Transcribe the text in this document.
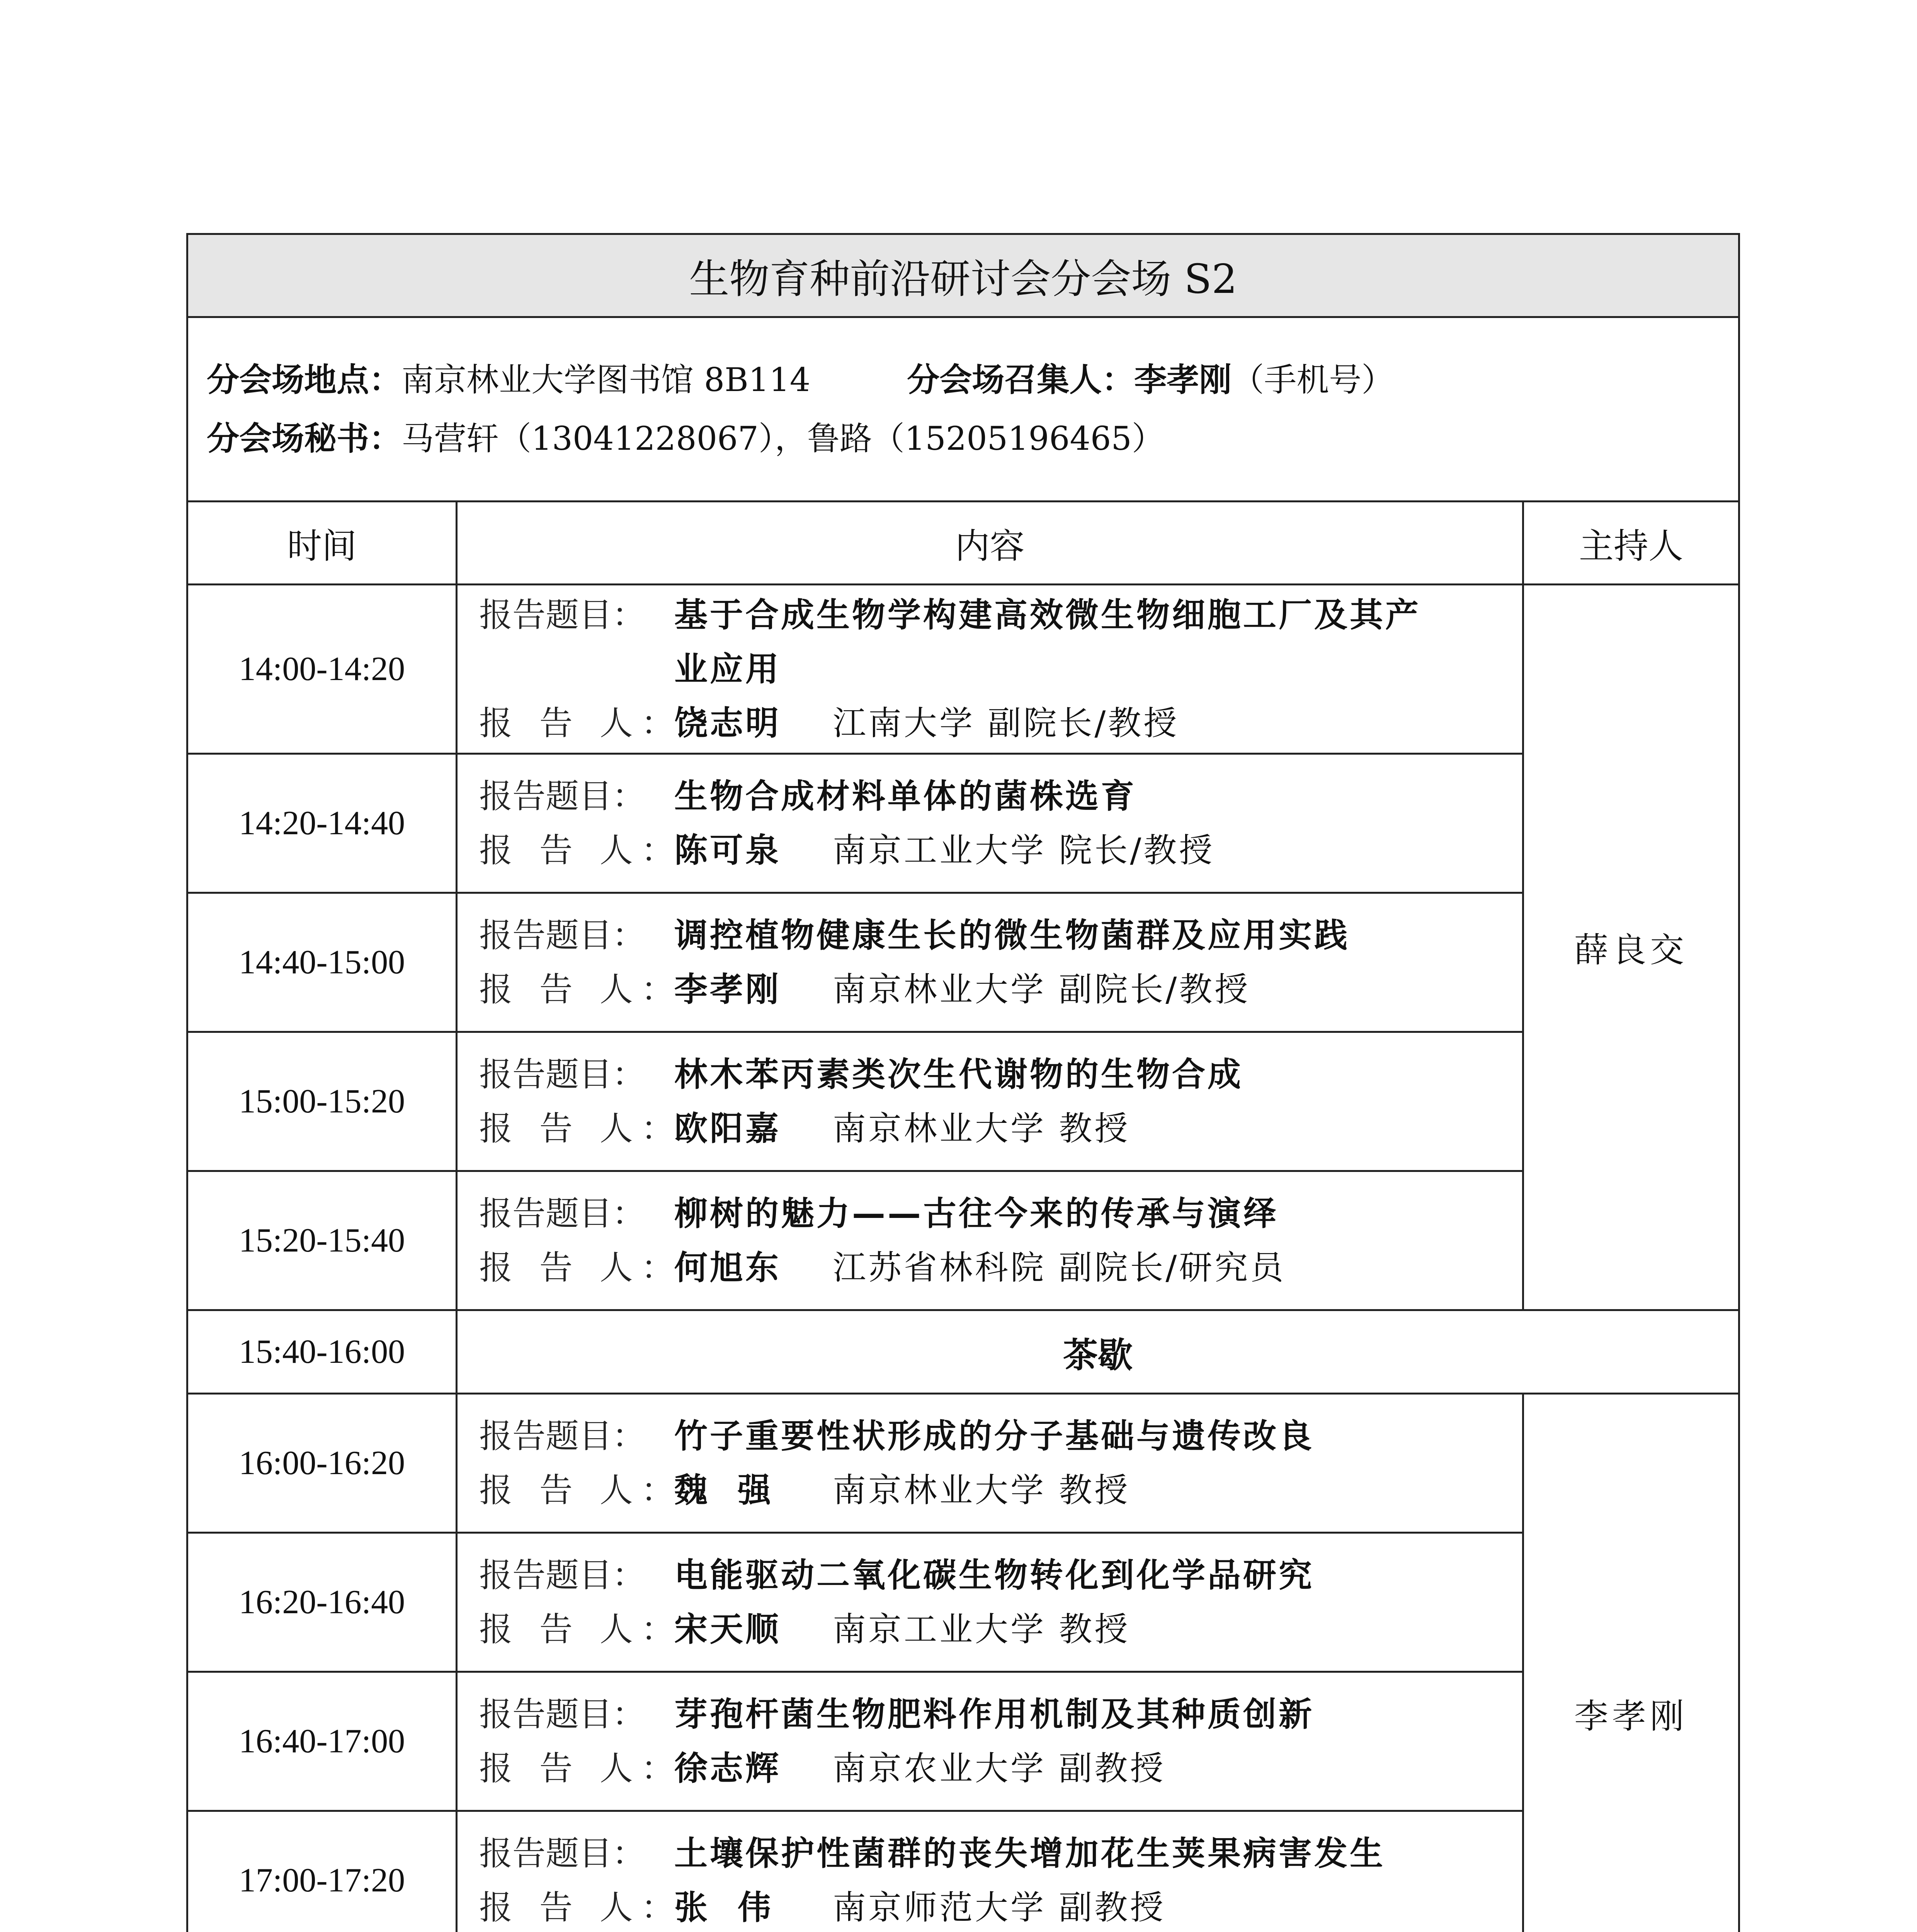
生物育种前沿研讨会分会场 S2		

分会场地点：南京林业大学图书馆 8B114 分会场召集人：李孝刚（手机号）
分会场秘书：马营轩（13041228067），鲁路（15205196465）		

时间	内容	主持人
14:00-14:20	报告题目： 基于合成生物学构建高效微生物细胞工厂及其产
业应用
报 告 人：饶志明 江南大学 副院长/教授	薛良交
14:20-14:40	报告题目： 生物合成材料单体的菌株选育
报 告 人：陈可泉 南京工业大学 院长/教授	

14:40-15:00	报告题目： 调控植物健康生长的微生物菌群及应用实践
报 告 人：李孝刚 南京林业大学 副院长/教授	

15:00-15:20	报告题目： 林木苯丙素类次生代谢物的生物合成
报 告 人：欧阳嘉 南京林业大学 教授	

15:20-15:40	报告题目： 柳树的魅力——古往今来的传承与演绎
报 告 人：何旭东 江苏省林科院 副院长/研究员	

15:40-16:00	茶歇	
16:00-16:20	报告题目： 竹子重要性状形成的分子基础与遗传改良
报 告 人：魏  强 南京林业大学 教授	李孝刚
16:20-16:40	报告题目： 电能驱动二氧化碳生物转化到化学品研究
报 告 人：宋天顺 南京工业大学 教授	

16:40-17:00	报告题目： 芽孢杆菌生物肥料作用机制及其种质创新
报 告 人：徐志辉 南京农业大学 副教授	

17:00-17:20	报告题目： 土壤保护性菌群的丧失增加花生荚果病害发生
报 告 人：张  伟 南京师范大学 副教授	
